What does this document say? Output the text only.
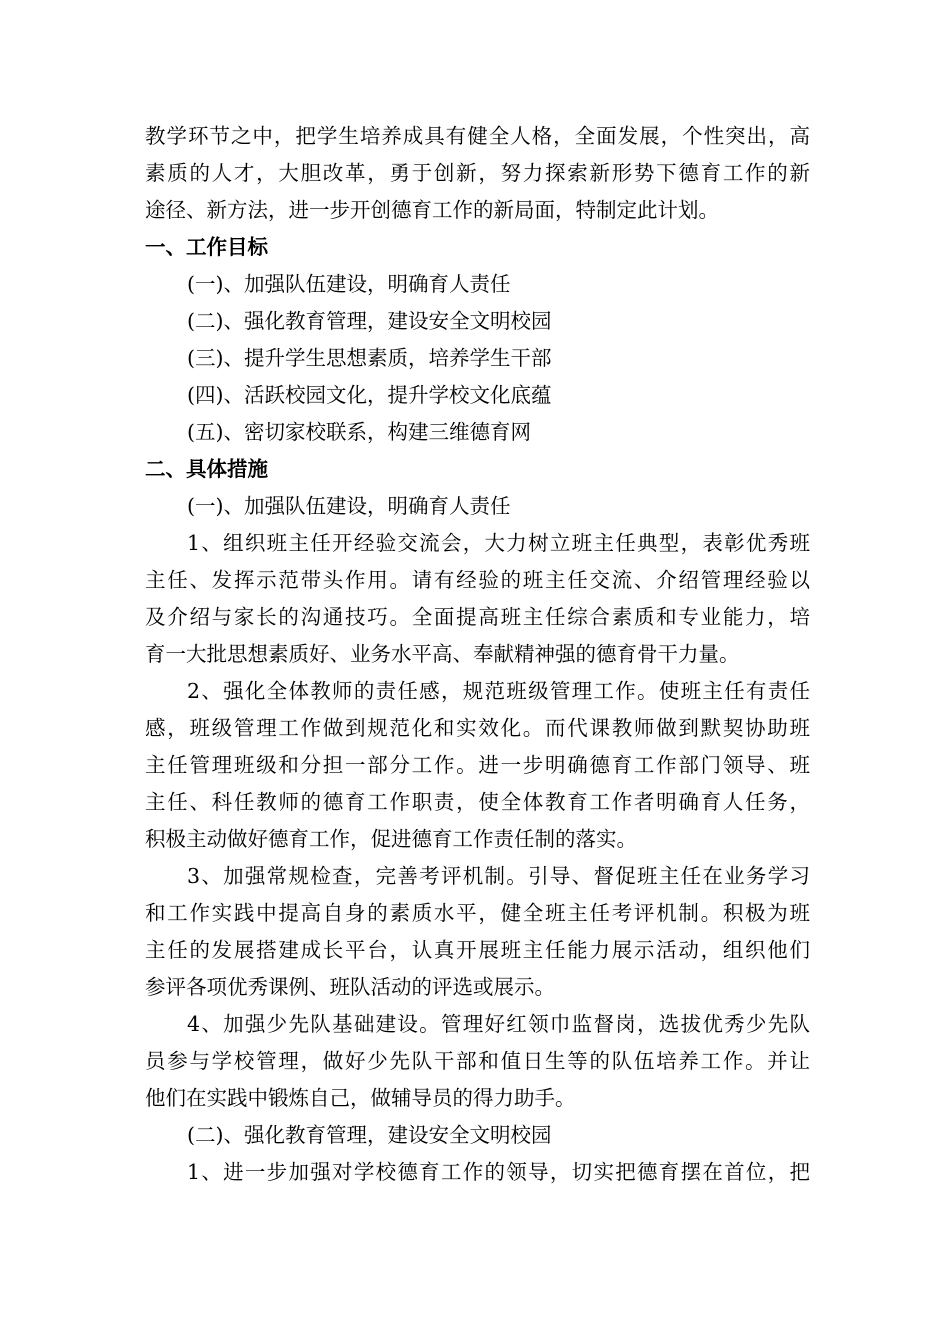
教学环节之中，把学生培养成具有健全人格，全面发展，个性突出，高
素质的人才，大胆改革，勇于创新，努力探索新形势下德育工作的新
途径、新方法，进一步开创德育工作的新局面，特制定此计划。
一、工作目标
(一)、加强队伍建设，明确育人责任
(二)、强化教育管理，建设安全文明校园
(三)、提升学生思想素质，培养学生干部
(四)、活跃校园文化，提升学校文化底蕴
(五)、密切家校联系，构建三维德育网
二、具体措施
(一)、加强队伍建设，明确育人责任
1、组织班主任开经验交流会，大力树立班主任典型，表彰优秀班
主任、发挥示范带头作用。请有经验的班主任交流、介绍管理经验以
及介绍与家长的沟通技巧。全面提高班主任综合素质和专业能力，培
育一大批思想素质好、业务水平高、奉献精神强的德育骨干力量。
2、强化全体教师的责任感，规范班级管理工作。使班主任有责任
感，班级管理工作做到规范化和实效化。而代课教师做到默契协助班
主任管理班级和分担一部分工作。进一步明确德育工作部门领导、班
主任、科任教师的德育工作职责，使全体教育工作者明确育人任务，
积极主动做好德育工作，促进德育工作责任制的落实。
3、加强常规检查，完善考评机制。引导、督促班主任在业务学习
和工作实践中提高自身的素质水平，健全班主任考评机制。积极为班
主任的发展搭建成长平台，认真开展班主任能力展示活动，组织他们
参评各项优秀课例、班队活动的评选或展示。
4、加强少先队基础建设。管理好红领巾监督岗，选拔优秀少先队
员参与学校管理，做好少先队干部和值日生等的队伍培养工作。并让
他们在实践中锻炼自己，做辅导员的得力助手。
(二)、强化教育管理，建设安全文明校园
1、进一步加强对学校德育工作的领导，切实把德育摆在首位，把
